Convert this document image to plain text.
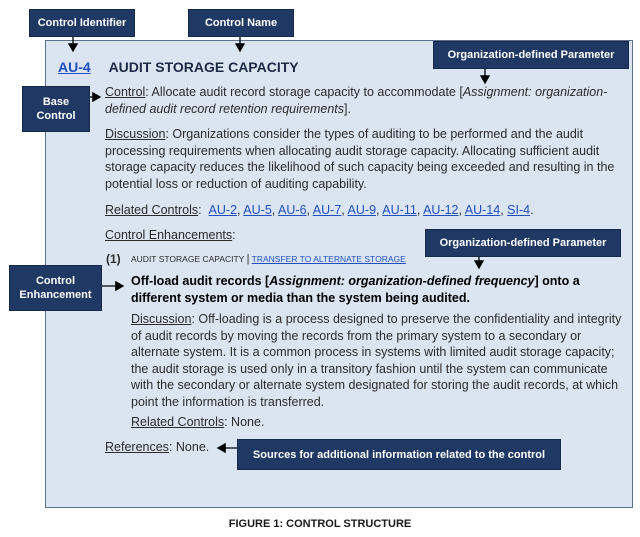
Control Identifier	Control Name
Organization-defined Parameter
Base Control
Organization-defined Parameter
Control Enhancement
Sources for additional information related to the control
AU-4 AUDIT STORAGE CAPACITY
Control: Allocate audit record storage capacity to accommodate [Assignment: organization-defined audit record retention requirements].
Discussion: Organizations consider the types of auditing to be performed and the audit processing requirements when allocating audit storage capacity. Allocating sufficient audit storage capacity reduces the likelihood of such capacity being exceeded and resulting in the potential loss or reduction of auditing capability.
Related Controls: AU-2, AU-5, AU-6, AU-7, AU-9, AU-11, AU-12, AU-14, SI-4.
Control Enhancements:
(1)	AUDIT STORAGE CAPACITY | TRANSFER TO ALTERNATE STORAGE
Off-load audit records [Assignment: organization-defined frequency] onto a different system or media than the system being audited.
Discussion: Off-loading is a process designed to preserve the confidentiality and integrity of audit records by moving the records from the primary system to a secondary or alternate system. It is a common process in systems with limited audit storage capacity; the audit storage is used only in a transitory fashion until the system can communicate with the secondary or alternate system designated for storing the audit records, at which point the information is transferred.
Related Controls: None.
References: None.
FIGURE 1: CONTROL STRUCTURE
